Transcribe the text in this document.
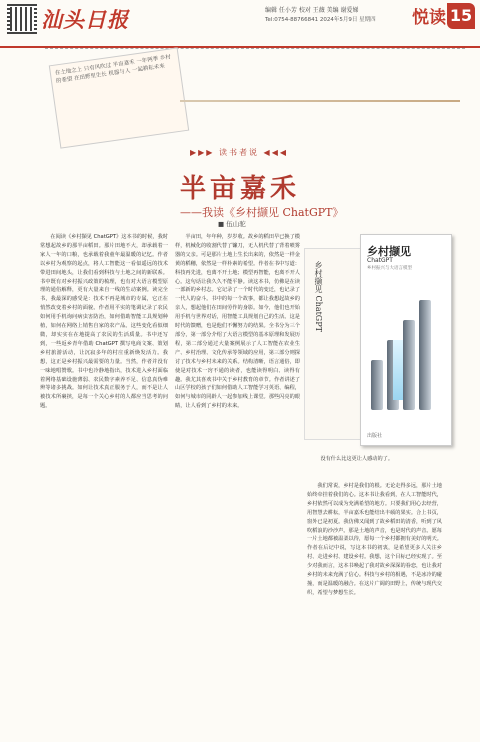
汕头日报	编辑 任小芳 校对 王薇 美编 谢爱娣
Tel:0754-88766841 2024年5月9日 星期四 悦读 15
在土地之上 只有风吹过 半亩嘉禾 一年两季 乡村的希望 在田野里生长 机器与人 一起耕耘未来
▶▶▶ 读书者说 ◀◀◀
半亩嘉禾
——我读《乡村撷见 ChatGPT》
■ 伍山驼

在阅读《乡村撷见 ChatGPT》这本书的时候，我时常想起故乡的那半亩稻田。那片田地不大，却承载着一家人一年的口粮，也承载着我童年最温暖的记忆。作者以乡村为观察的起点，将人工智能这一看似遥远的技术带进田间地头，让我们看到科技与土地之间的新联系。书中既有对乡村振兴政策的梳理，也有对大语言模型原理的通俗解释，更有大量来自一线的生动案例。读完全书，我最深的感受是：技术不再是城市的专属，它正在悄然改变着乡村的面貌。作者用平实的笔调记录了农民如何用手机询问病虫害防治，如何借助智能工具规划种植，如何在网络上销售自家的农产品。这些变化看似细微，却实实在在地提高了农民的生活质量。书中还写到，一些返乡青年借助 ChatGPT 撰写电商文案、策划乡村旅游活动，让沉寂多年的村庄重新焕发活力。我想，这正是乡村振兴最需要的力量。当然，作者并没有一味地唱赞歌。书中也冷静地指出，技术进入乡村面临着网络基础设施薄弱、农民数字素养不足、信息真伪难辨等诸多挑战。如何让技术真正服务于人，而不是让人被技术所裹挟，是每一个关心乡村的人都应当思考的问题。

半亩田，年年种，岁岁收。故乡的稻田早已换了模样，机械化的收割代替了镰刀，无人机代替了背着喷雾器的父亲。可是那片土地上生长出来的，依然是一样金黄的稻穗，依然是一样朴素的希望。作者在书中写道：科技再先进，也离不开土地；模型再智能，也离不开人心。这句话让我久久不能平静。读这本书，仿佛是在读一部新的乡村志。它记录了一个时代的变迁，也记录了一代人的奋斗。书中的每一个故事，都让我想起故乡的亲人，想起他们在田间劳作的身影。如今，他们也开始用手机与世界对话，用智能工具规划自己的生活。这是时代的馈赠，也是他们不懈努力的结果。全书分为三个部分，第一部分介绍了大语言模型的基本原理和发展历程，第二部分通过大量案例展示了人工智能在农业生产、乡村治理、文化传承等领域的应用，第三部分则探讨了技术与乡村未来的关系。结构清晰，语言通俗，即使是对技术一窍不通的读者，也能读得明白、读得有趣。我尤其喜欢书中关于乡村教育的章节。作者讲述了山区学校的孩子们如何借助人工智能学习英语、编程，如何与城市的同龄人一起参加线上课堂。那些闪亮的眼睛，让人看到了乡村的未来。

乡村撷见 ChatGPT
乡村撷见
ChatGPT
乡村振兴与大语言模型
出版社

没有什么比这更让人感动的了。

我们常说，乡村是我们的根。无论走得多远，那片土地始终牵挂着我们的心。这本书让我看到，在人工智能时代，乡村依然可以成为充满希望的地方。只要我们用心去经营，用智慧去耕耘，半亩嘉禾也能结出丰硕的果实。合上书页，窗外已是初夏。我仿佛又闻到了故乡稻田的清香，听到了风吹稻浪的沙沙声。那是土地的声音，也是时代的声音。愿每一片土地都被温柔以待，愿每一个乡村都拥有美好的明天。作者在后记中说，写这本书的初衷，是希望更多人关注乡村、走进乡村、建设乡村。我想，这个目标已经实现了。至少对我而言，这本书唤起了我对故乡深深的眷恋，也让我对乡村的未来充满了信心。科技与乡村的相遇，不是冰冷的碰撞，而是温暖的融合。在这片广阔的田野上，传统与现代交织，希望与梦想生长。
